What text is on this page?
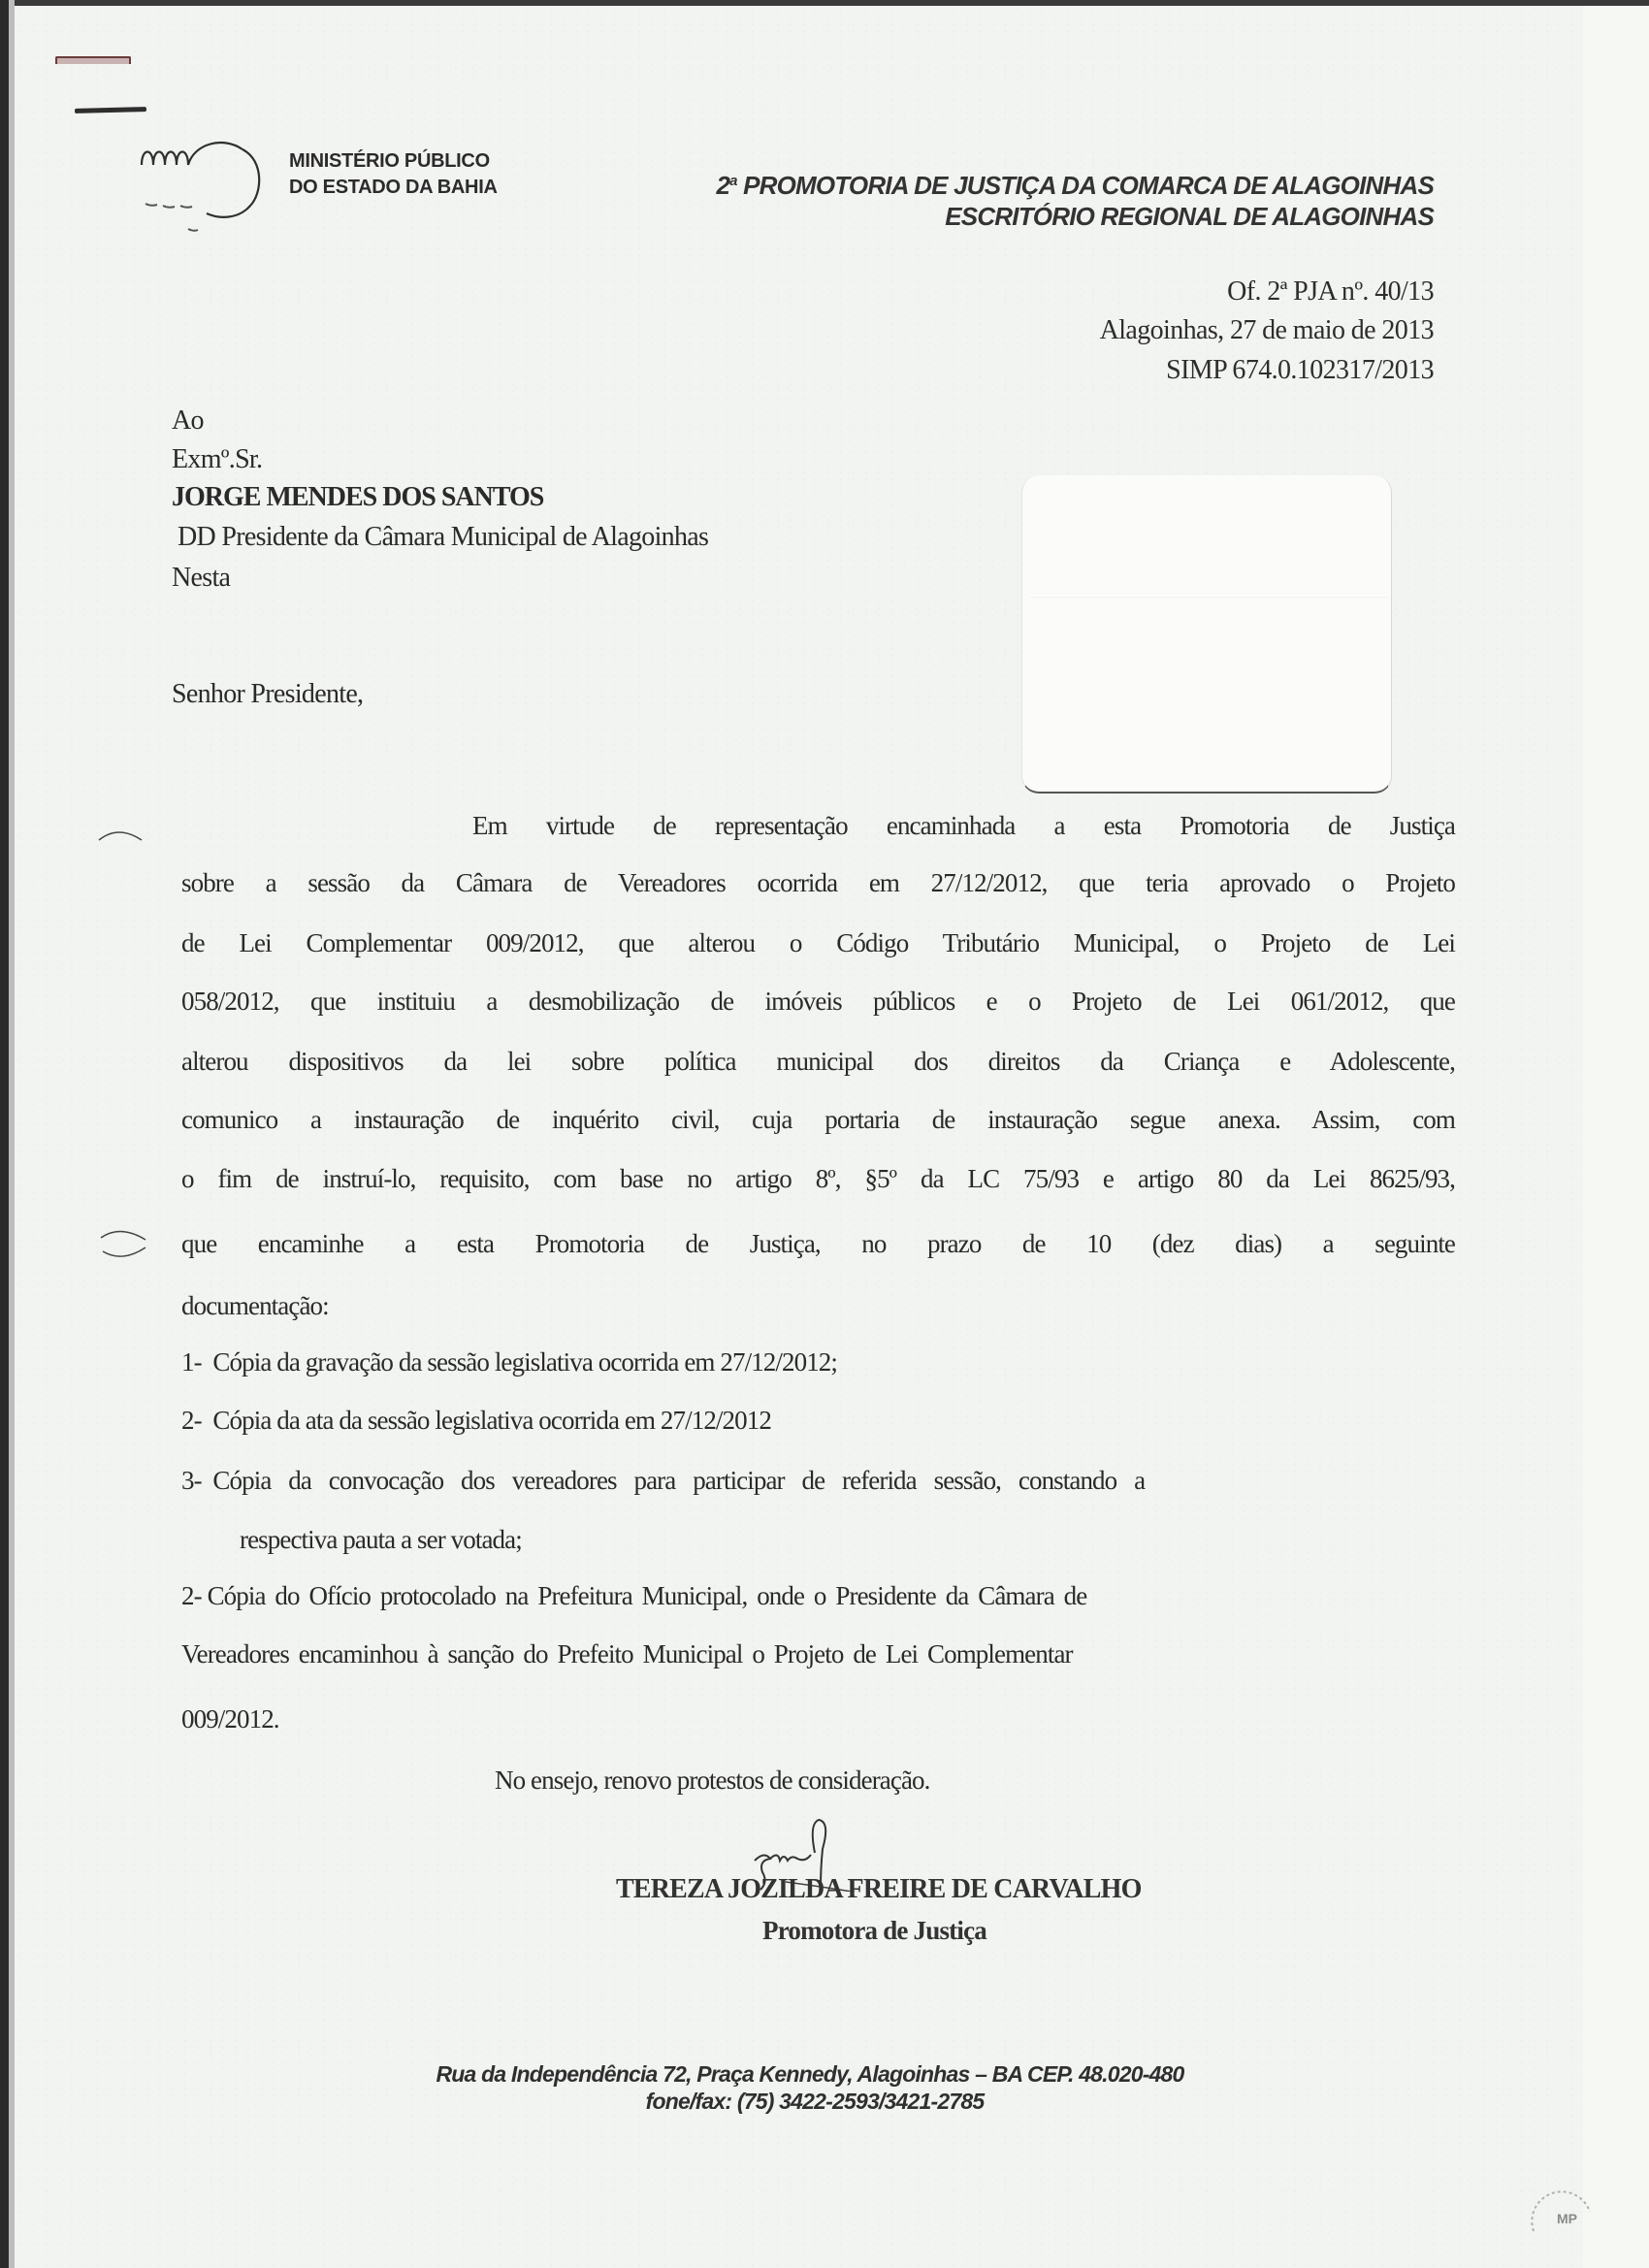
MINISTÉRIO PÚBLICO
DO ESTADO DA BAHIA	2$^a$ PROMOTORIA DE JUSTIÇA DA COMARCA DE ALAGOINHAS
ESCRITÓRIO REGIONAL DE ALAGOINHAS
Of. 2ª PJA nº. 40/13
Alagoinhas, 27 de maio de 2013
SIMP 674.0.102317/2013
Ao
Exmº.Sr.
JORGE MENDES DOS SANTOS
DD Presidente da Câmara Municipal de Alagoinhas
Nesta
Senhor Presidente,
Em virtude de representação encaminhada a esta Promotoria de Justiça
sobre a sessão da Câmara de Vereadores ocorrida em 27/12/2012, que teria aprovado o Projeto
de Lei Complementar 009/2012, que alterou o Código Tributário Municipal, o Projeto de Lei
058/2012, que instituiu a desmobilização de imóveis públicos e o Projeto de Lei 061/2012, que
alterou dispositivos da lei sobre política municipal dos direitos da Criança e Adolescente,
comunico a instauração de inquérito civil, cuja portaria de instauração segue anexa. Assim, com
o fim de instruí-lo, requisito, com base no artigo 8º, §5º da LC 75/93 e artigo 80 da Lei 8625/93,
que encaminhe a esta Promotoria de Justiça, no prazo de 10 (dez dias) a seguinte
documentação:
1- Cópia da gravação da sessão legislativa ocorrida em 27/12/2012;
2- Cópia da ata da sessão legislativa ocorrida em 27/12/2012
3- Cópia da convocação dos vereadores para participar de referida sessão, constando a
respectiva pauta a ser votada;
2- Cópia do Ofício protocolado na Prefeitura Municipal, onde o Presidente da Câmara de
Vereadores encaminhou à sanção do Prefeito Municipal o Projeto de Lei Complementar
009/2012.
No ensejo, renovo protestos de consideração.
TEREZA JOZILDA FREIRE DE CARVALHO
Promotora de Justiça
Rua da Independência 72, Praça Kennedy, Alagoinhas – BA CEP. 48.020-480
fone/fax: (75) 3422-2593/3421-2785
MP
